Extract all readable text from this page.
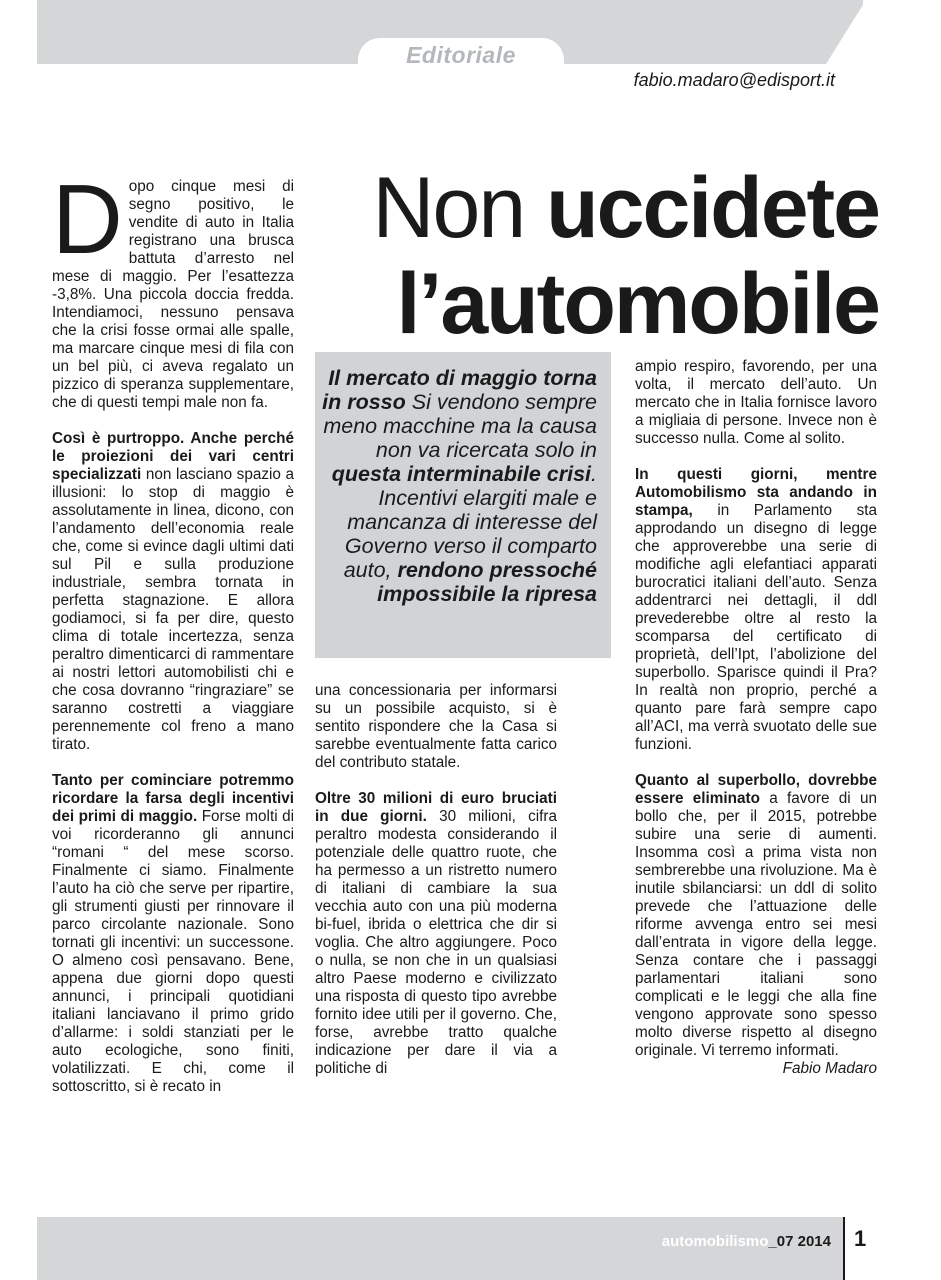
Editoriale
fabio.madaro@edisport.it
Non uccidete
l’automobile

Dopo cinque mesi di segno positivo, le vendite di auto in Italia registrano una brusca battuta d’arresto nel mese di maggio. Per l’esattezza -3,8%. Una piccola doccia fredda. Intendiamoci, nessuno pensava che la crisi fosse ormai alle spalle, ma marcare cinque mesi di fila con un bel più, ci aveva regalato un pizzico di speranza supplementare, che di questi tempi male non fa.

Così è purtroppo. Anche perché le proiezioni dei vari centri specializzati non lasciano spazio a illusioni: lo stop di maggio è assolutamente in linea, dicono, con l’andamento dell’economia reale che, come si evince dagli ultimi dati sul Pil e sulla produzione industriale, sembra tornata in perfetta stagnazione. E allora godiamoci, si fa per dire, questo clima di totale incertezza, senza peraltro dimenticarci di rammentare ai nostri lettori automobilisti chi e che cosa dovranno “ringraziare” se saranno costretti a viaggiare perennemente col freno a mano tirato.

Tanto per cominciare potremmo ricordare la farsa degli incentivi dei primi di maggio. Forse molti di voi ricorderanno gli annunci “romani “ del mese scorso. Finalmente ci siamo. Finalmente l’auto ha ciò che serve per ripartire, gli strumenti giusti per rinnovare il parco circolante nazionale. Sono tornati gli incentivi: un successone. O almeno così pensavano. Bene, appena due giorni dopo questi annunci, i principali quotidiani italiani lanciavano il primo grido d’allarme: i soldi stanziati per le auto ecologiche, sono finiti, volatilizzati. E chi, come il sottoscritto, si è recato in

Il mercato di maggio torna in rosso Si vendono sempre meno macchine ma la causa non va ricercata solo in questa interminabile crisi. Incentivi elargiti male e mancanza di interesse del Governo verso il comparto auto, rendono pressoché impossibile la ripresa

una concessionaria per informarsi su un possibile acquisto, si è sentito rispondere che la Casa si sarebbe eventualmente fatta carico del contributo statale.

Oltre 30 milioni di euro bruciati in due giorni. 30 milioni, cifra peraltro modesta considerando il potenziale delle quattro ruote, che ha permesso a un ristretto numero di italiani di cambiare la sua vecchia auto con una più moderna bi-fuel, ibrida o elettrica che dir si voglia. Che altro aggiungere. Poco o nulla, se non che in un qualsiasi altro Paese moderno e civilizzato una risposta di questo tipo avrebbe fornito idee utili per il governo. Che, forse, avrebbe tratto qualche indicazione per dare il via a politiche di

ampio respiro, favorendo, per una volta, il mercato dell’auto. Un mercato che in Italia fornisce lavoro a migliaia di persone. Invece non è successo nulla. Come al solito.

In questi giorni, mentre Automobilismo sta andando in stampa, in Parlamento sta approdando un disegno di legge che approverebbe una serie di modifiche agli elefantiaci apparati burocratici italiani dell’auto. Senza addentrarci nei dettagli, il ddl prevederebbe oltre al resto la scomparsa del certificato di proprietà, dell’Ipt, l’abolizione del superbollo. Sparisce quindi il Pra? In realtà non proprio, perché a quanto pare farà sempre capo all’ACI, ma verrà svuotato delle sue funzioni.

Quanto al superbollo, dovrebbe essere eliminato a favore di un bollo che, per il 2015, potrebbe subire una serie di aumenti. Insomma così a prima vista non sembrerebbe una rivoluzione. Ma è inutile sbilanciarsi: un ddl di solito prevede che l’attuazione delle riforme avvenga entro sei mesi dall’entrata in vigore della legge. Senza contare che i passaggi parlamentari italiani sono complicati e le leggi che alla fine vengono approvate sono spesso molto diverse rispetto al disegno originale. Vi terremo informati.

Fabio Madaro

automobilismo_07 2014 1
